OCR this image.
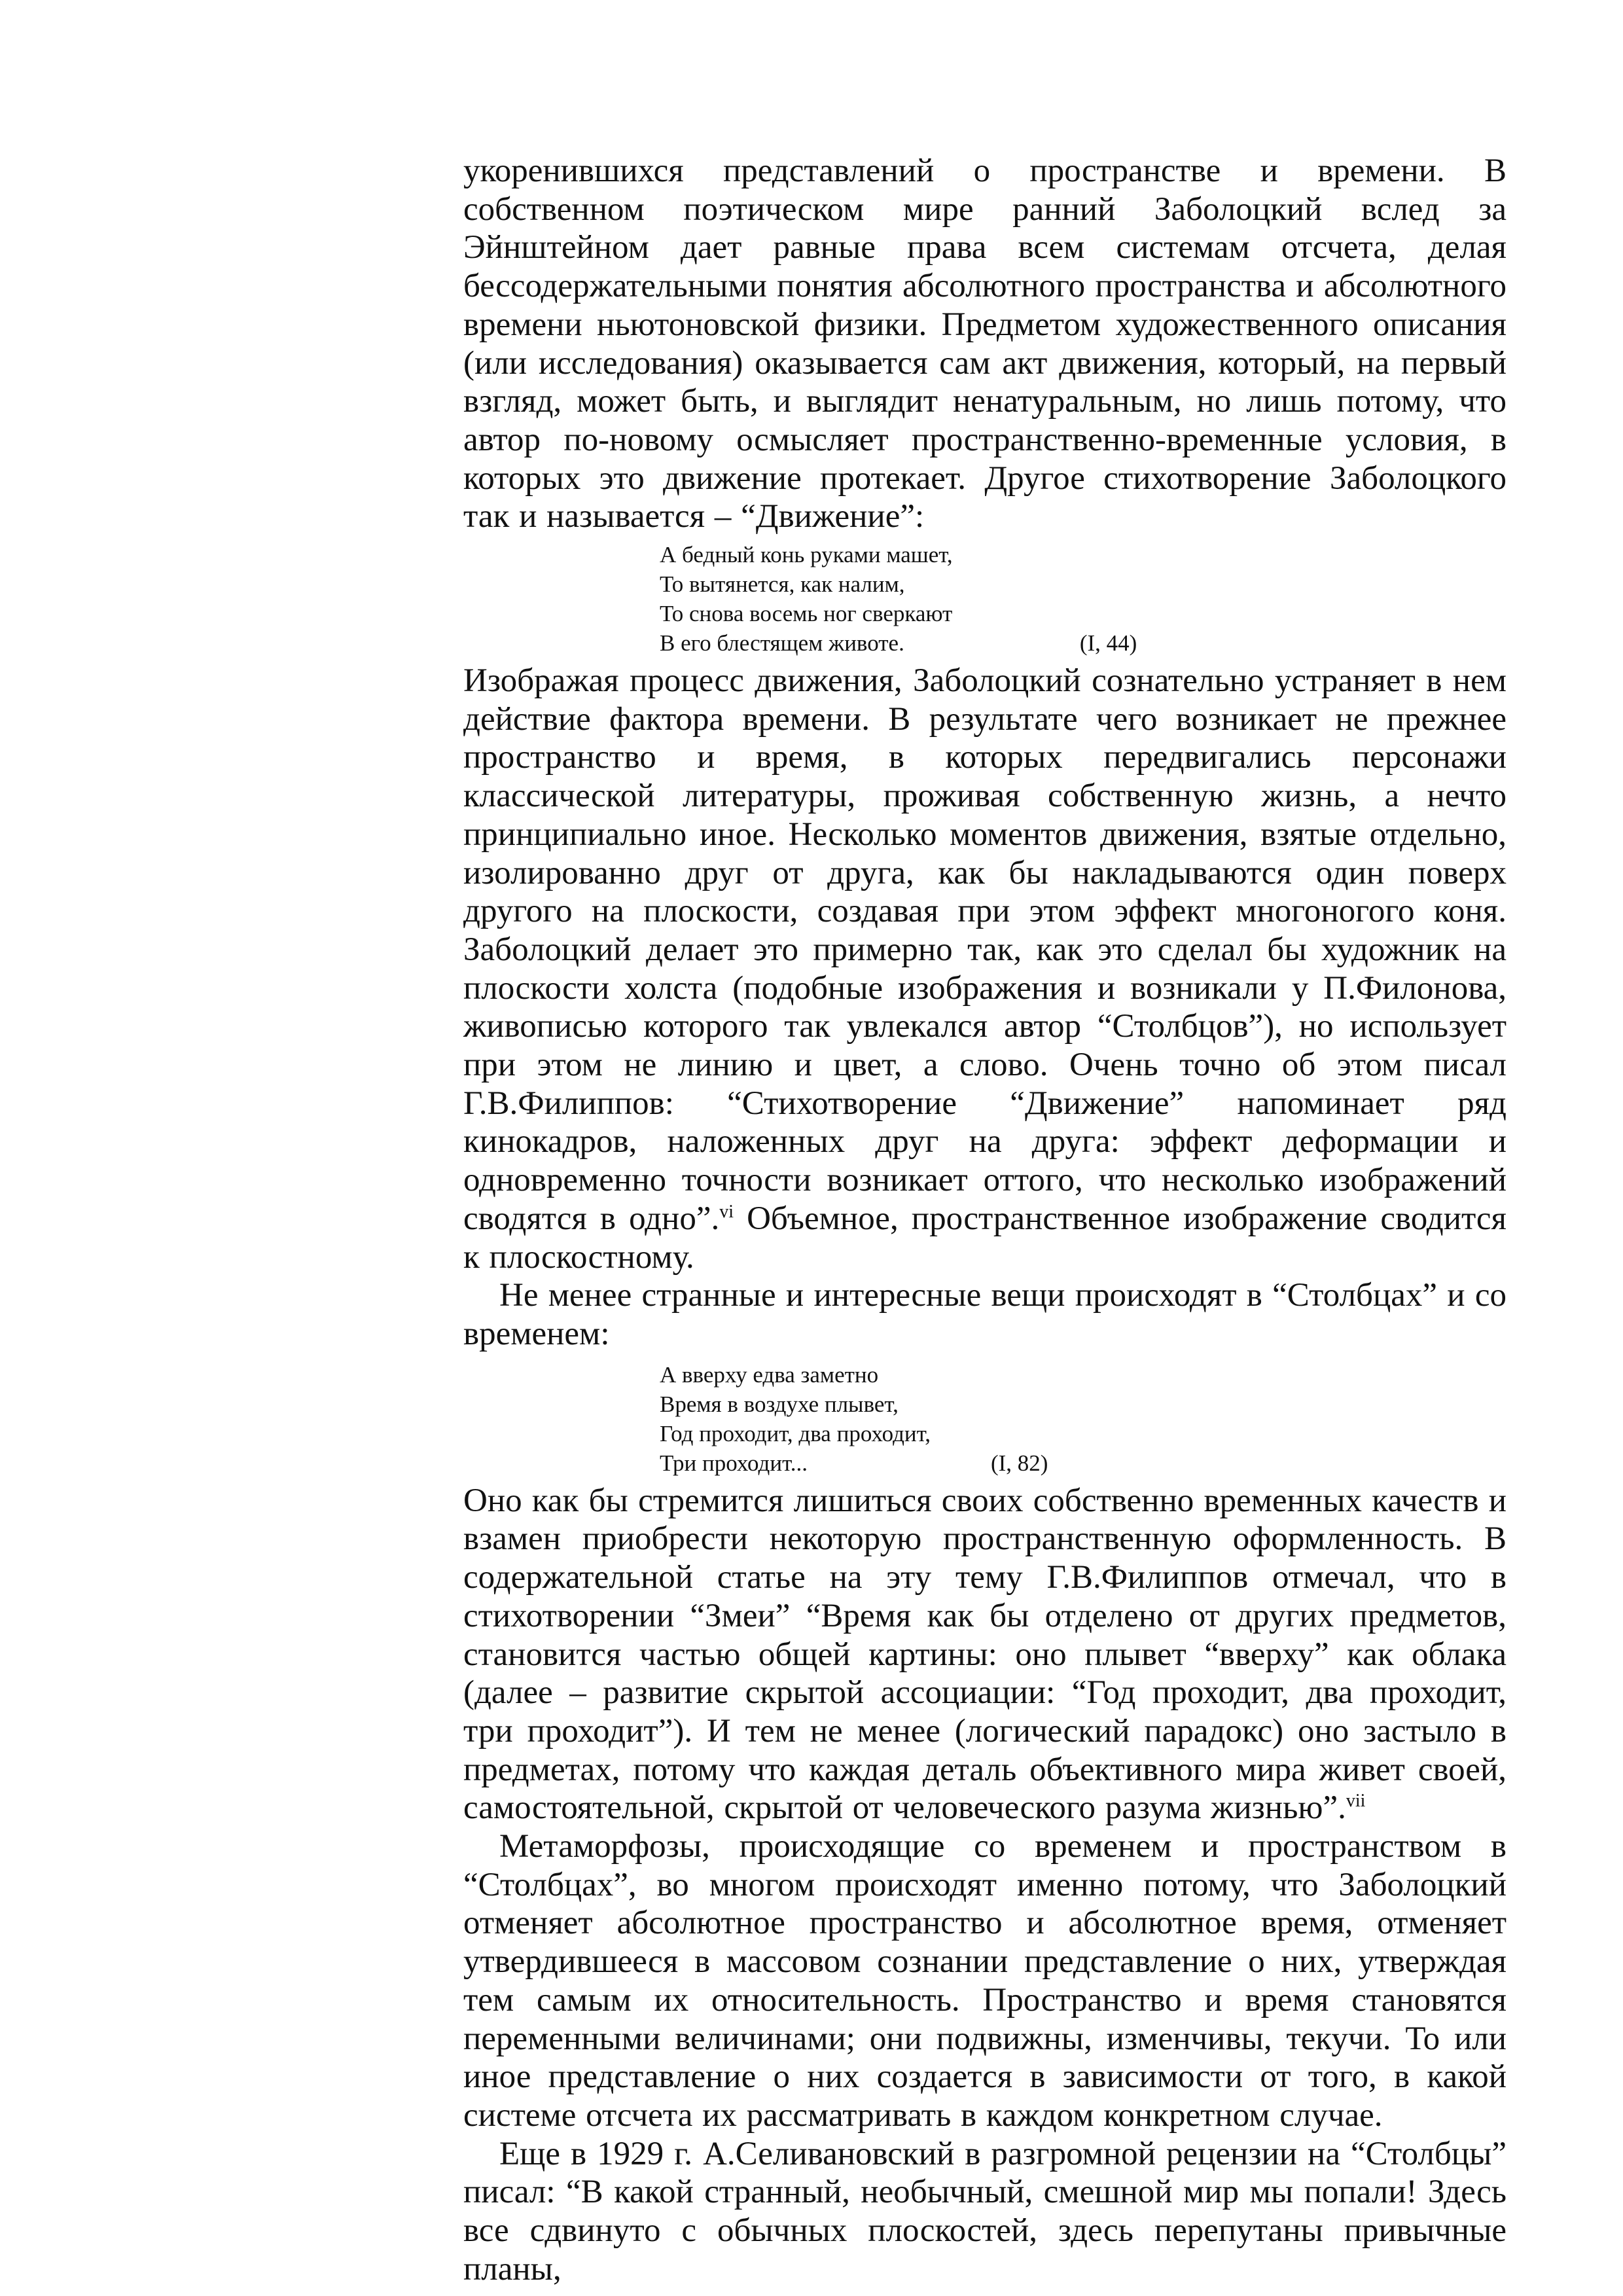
укоренившихся представлений о пространстве и времени. В собственном поэтическом мире ранний Заболоцкий вслед за Эйнштейном дает равные права всем системам отсчета, делая бессодержательными понятия абсолютного пространства и абсолютного времени ньютоновской физики. Предметом художественного описания (или исследования) оказывается сам акт движения, который, на первый взгляд, может быть, и выглядит ненатуральным, но лишь потому, что автор по-новому осмысляет пространственно-временные условия, в которых это движение протекает. Другое стихотворение Заболоцкого так и называется – “Движение”:

А бедный конь руками машет,
То вытянется, как налим,
То снова восемь ног сверкают
В его блестящем животе.	(I, 44)

Изображая процесс движения, Заболоцкий сознательно устраняет в нем действие фактора времени. В результате чего возникает не прежнее пространство и время, в которых передвигались персонажи классической литературы, проживая собственную жизнь, а нечто принципиально иное. Несколько моментов движения, взятые отдельно, изолированно друг от друга, как бы накладываются один поверх другого на плоскости, создавая при этом эффект многоногого коня. Заболоцкий делает это примерно так, как это сделал бы художник на плоскости холста (подобные изображения и возникали у П.Филонова, живописью которого так увлекался автор “Столбцов”), но использует при этом не линию и цвет, а слово. Очень точно об этом писал Г.В.Филиппов: “Стихотворение “Движение” напоминает ряд кинокадров, наложенных друг на друга: эффект деформации и одновременно точности возникает оттого, что несколько изображений сводятся в одно”.$^{vi}$ Объемное, пространственное изображение сводится к плоскостному.

Не менее странные и интересные вещи происходят в “Столбцах” и со временем:

А вверху едва заметно
Время в воздухе плывет,
Год проходит, два проходит,
Три проходит...	(I, 82)

Оно как бы стремится лишиться своих собственно временных качеств и взамен приобрести некоторую пространственную оформленность. В содержательной статье на эту тему Г.В.Филиппов отмечал, что в стихотворении “Змеи” “Время как бы отделено от других предметов, становится частью общей картины: оно плывет “вверху” как облака (далее – развитие скрытой ассоциации: “Год проходит, два проходит, три проходит”). И тем не менее (логический парадокс) оно застыло в предметах, потому что каждая деталь объективного мира живет своей, самостоятельной, скрытой от человеческого разума жизнью”.$^{vii}$

Метаморфозы, происходящие со временем и пространством в “Столбцах”, во многом происходят именно потому, что Заболоцкий отменяет абсолютное пространство и абсолютное время, отменяет утвердившееся в массовом сознании представление о них, утверждая тем самым их относительность. Пространство и время становятся переменными величинами; они подвижны, изменчивы, текучи. То или иное представление о них создается в зависимости от того, в какой системе отсчета их рассматривать в каждом конкретном случае.

Еще в 1929 г. А.Селивановский в разгромной рецензии на “Столбцы” писал: “В какой странный, необычный, смешной мир мы попали! Здесь все сдвинуто с обычных плоскостей, здесь перепутаны привычные планы,
